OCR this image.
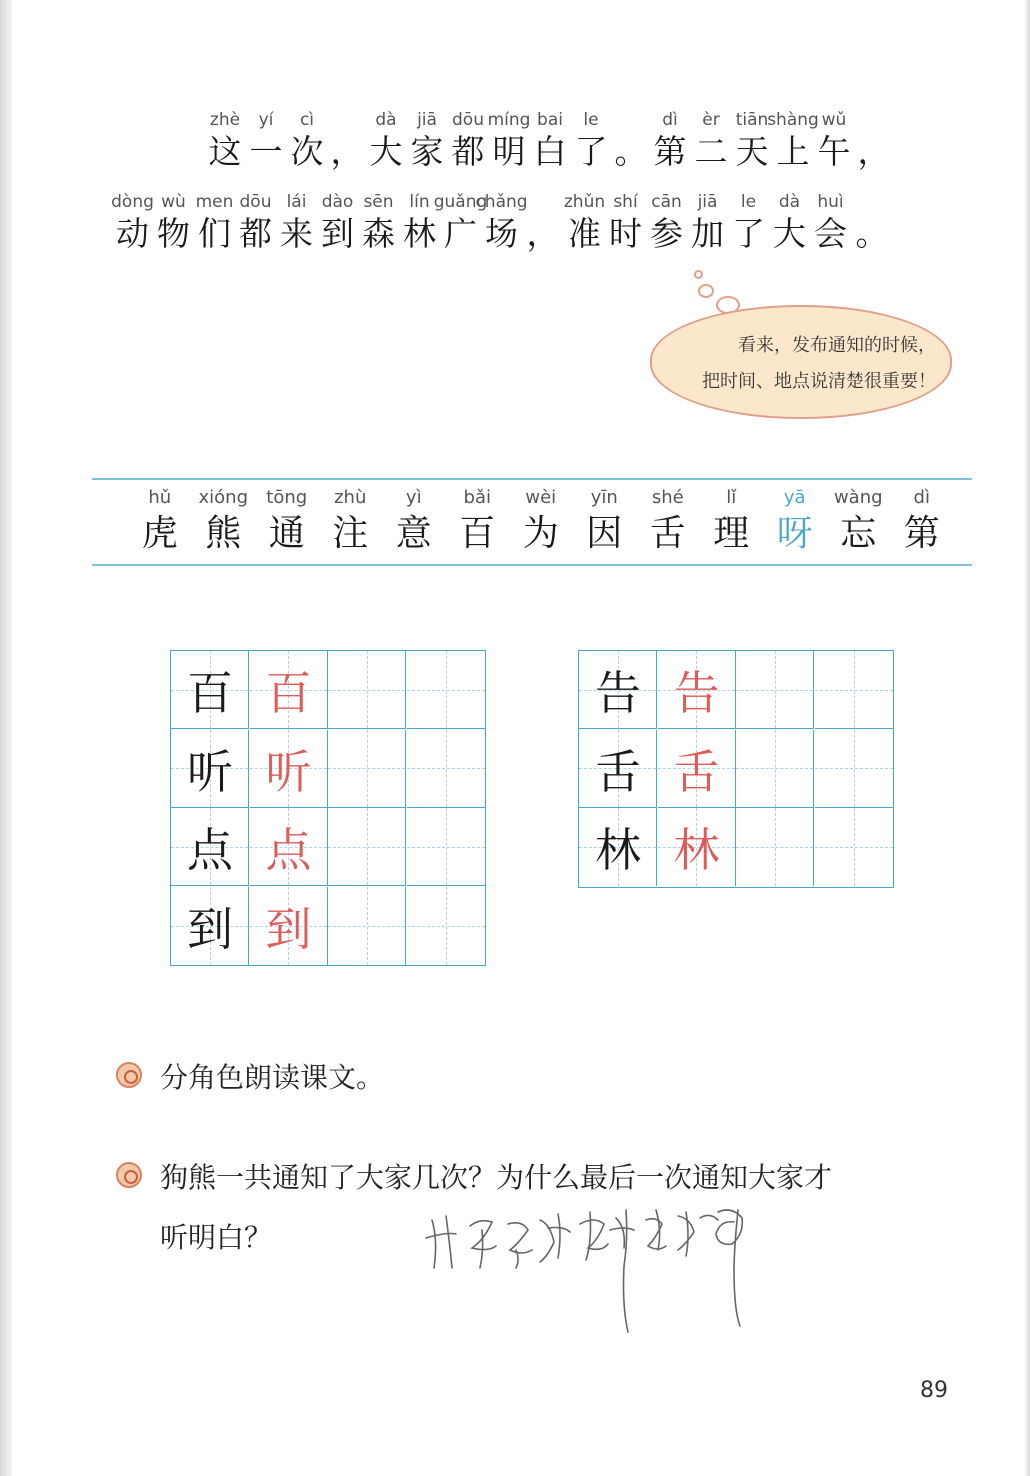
zhè
这
yí
一
cì
次 ，
dà
大
jiā
家
dōu
都
míng
明
bai
白
le
了 。
dì
第
èr
二
tiān
天
shàng
上
wǔ
午 ，
dòng
动
wù
物
men
们
dōu
都
lái
来
dào
到
sēn
森
lín
林
guǎng
广
chǎng
场 ，
zhǔn
准
shí
时
cān
参
jiā
加
le
了
dà
大
huì
会 。
看来，发布通知的时候，
把时间、地点说清楚很重要！
hǔ
虎
xióng
熊
tōng
通
zhù
注
yì
意
bǎi
百
wèi
为
yīn
因
shé
舌
lǐ
理
yā
呀
wàng
忘
dì
第
百 百
听 听
点 点
到 到
告 告
舌 舌
林 林
分角色朗读课文。
狗熊一共通知了大家几次？为什么最后一次通知大家才
听明白？
89
